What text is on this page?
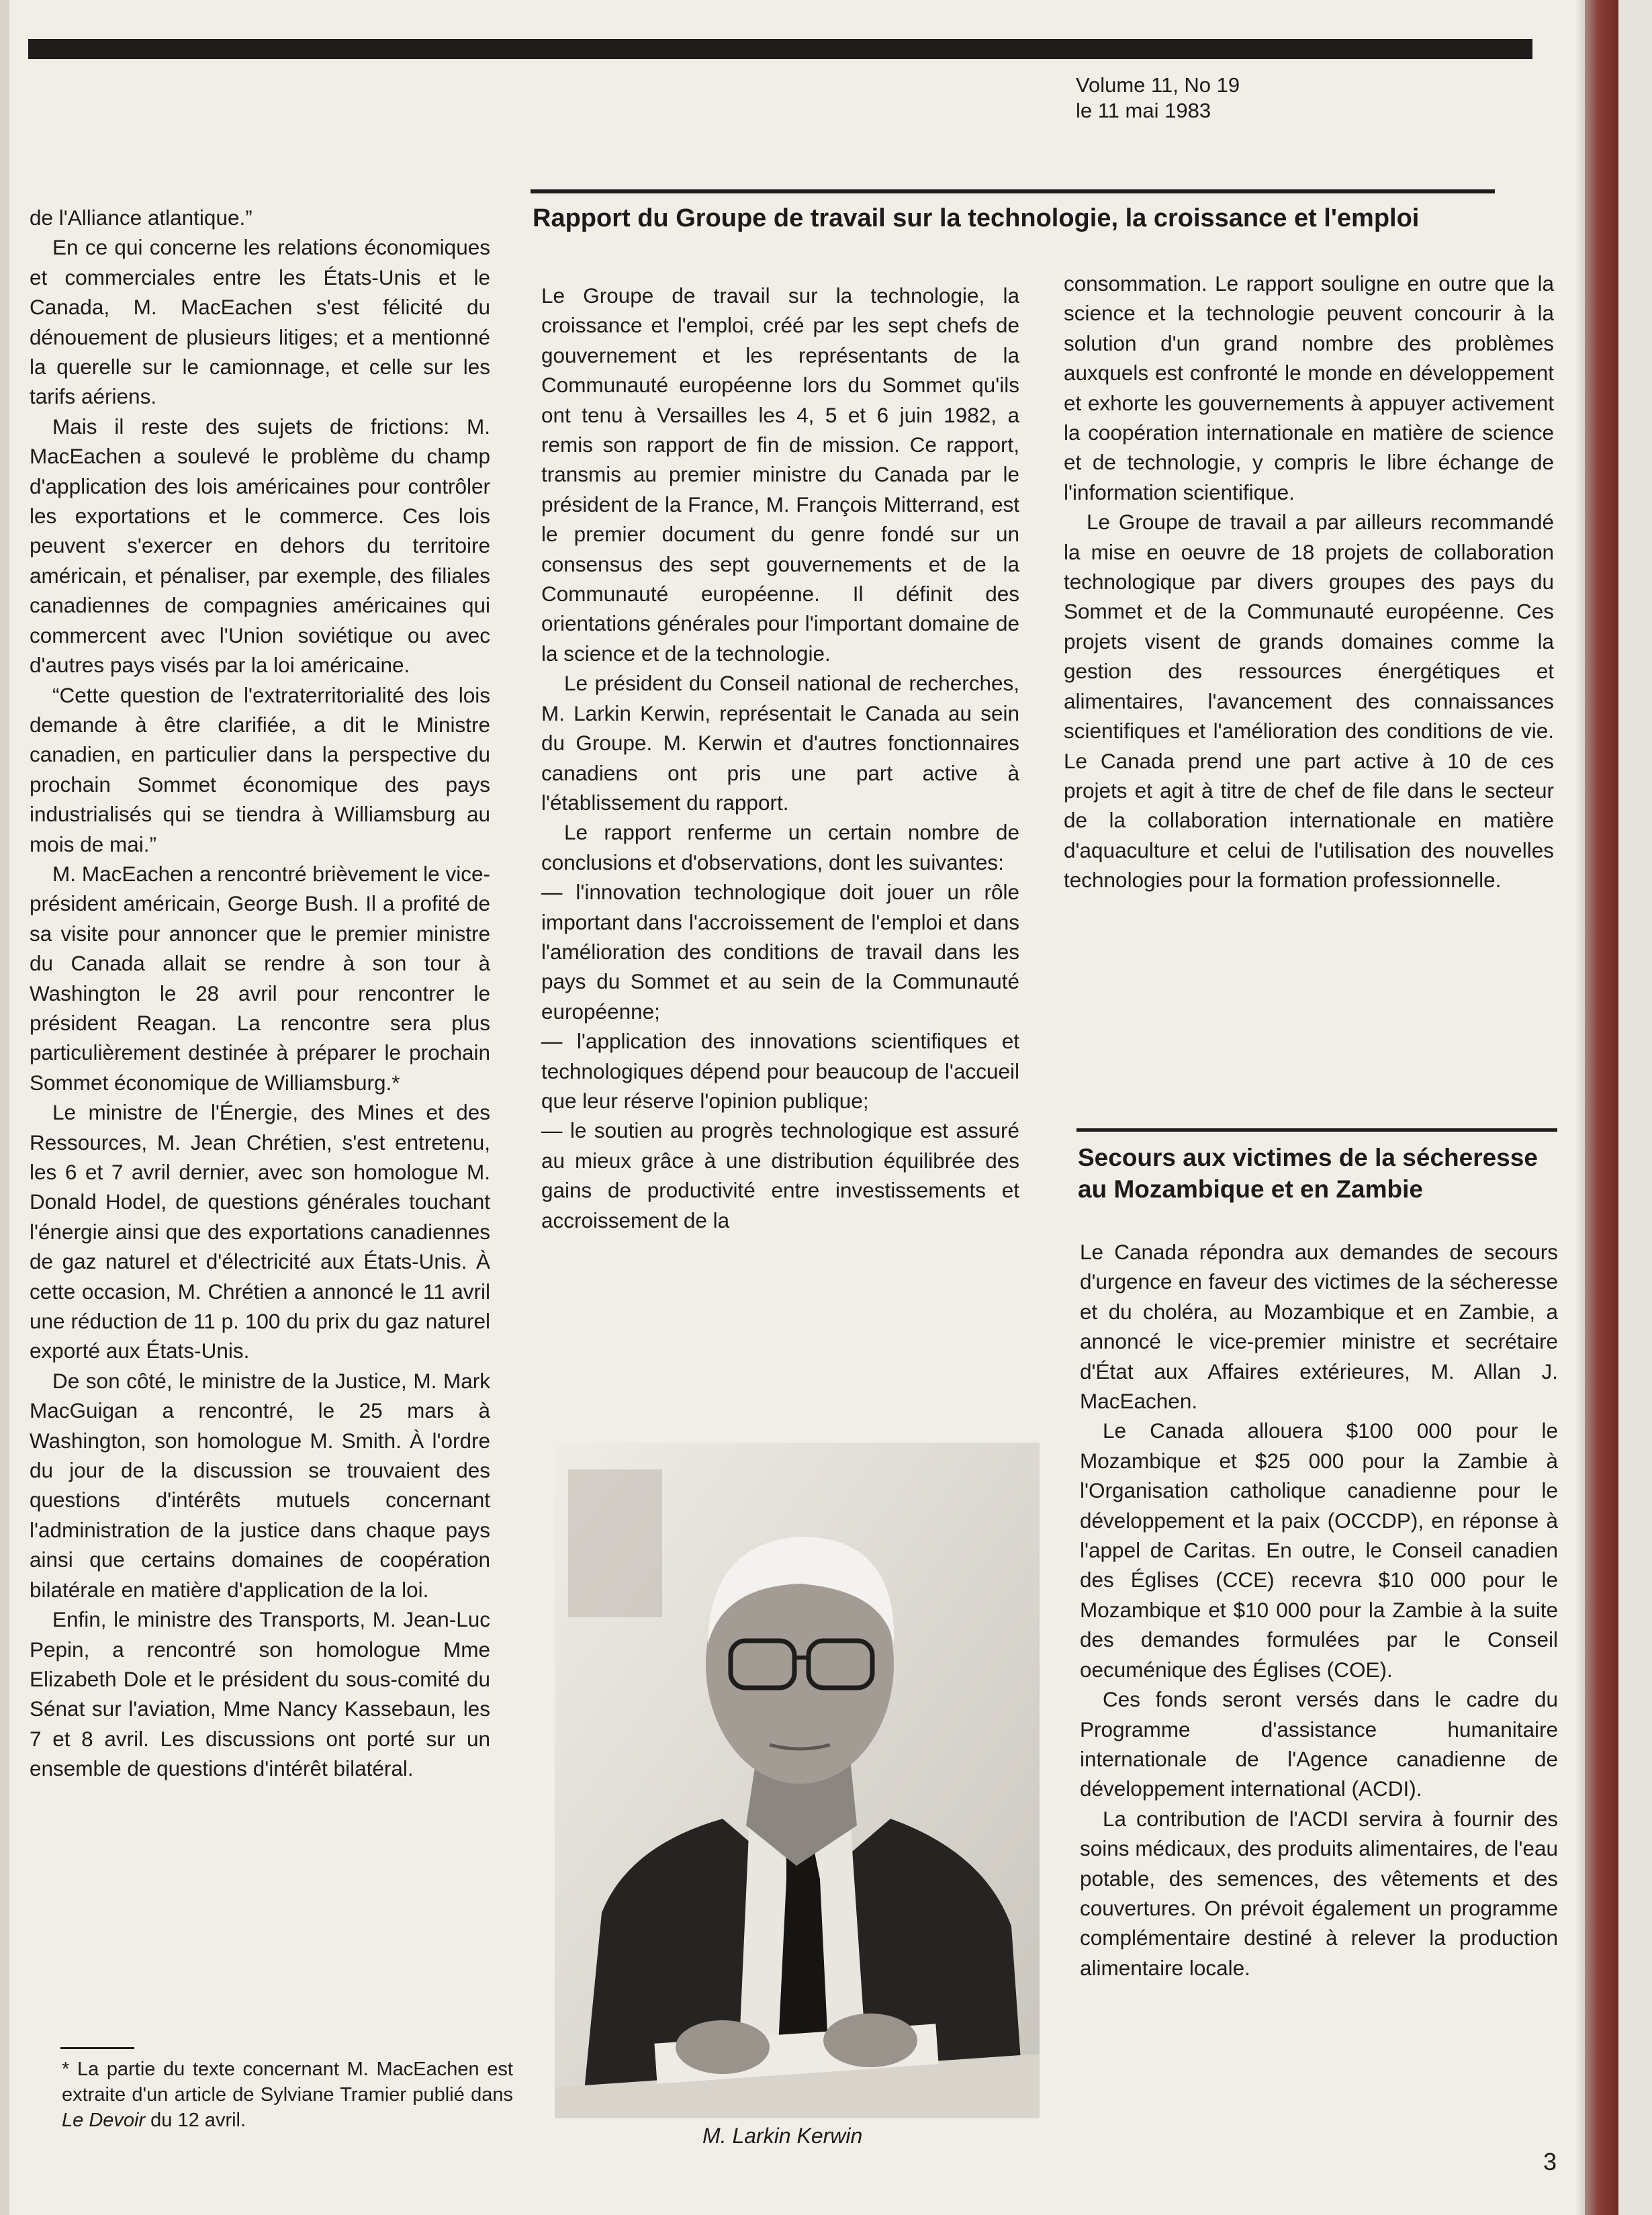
Volume 11, No 19
le 11 mai 1983

de l'Alliance atlantique.”

En ce qui concerne les relations économiques et commerciales entre les États-Unis et le Canada, M. MacEachen s'est félicité du dénouement de plusieurs litiges; et a mentionné la querelle sur le camionnage, et celle sur les tarifs aériens.

Mais il reste des sujets de frictions: M. MacEachen a soulevé le problème du champ d'application des lois américaines pour contrôler les exportations et le commerce. Ces lois peuvent s'exercer en dehors du territoire américain, et pénaliser, par exemple, des filiales canadiennes de compagnies américaines qui commercent avec l'Union soviétique ou avec d'autres pays visés par la loi américaine.

“Cette question de l'extraterritorialité des lois demande à être clarifiée, a dit le Ministre canadien, en particulier dans la perspective du prochain Sommet économique des pays industrialisés qui se tiendra à Williamsburg au mois de mai.”

M. MacEachen a rencontré brièvement le vice-président américain, George Bush. Il a profité de sa visite pour annoncer que le premier ministre du Canada allait se rendre à son tour à Washington le 28 avril pour rencontrer le président Reagan. La rencontre sera plus particulièrement destinée à préparer le prochain Sommet économique de Williamsburg.*

Le ministre de l'Énergie, des Mines et des Ressources, M. Jean Chrétien, s'est entretenu, les 6 et 7 avril dernier, avec son homologue M. Donald Hodel, de questions générales touchant l'énergie ainsi que des exportations canadiennes de gaz naturel et d'électricité aux États-Unis. À cette occasion, M. Chrétien a annoncé le 11 avril une réduction de 11 p. 100 du prix du gaz naturel exporté aux États-Unis.

De son côté, le ministre de la Justice, M. Mark MacGuigan a rencontré, le 25 mars à Washington, son homologue M. Smith. À l'ordre du jour de la discussion se trouvaient des questions d'intérêts mutuels concernant l'administration de la justice dans chaque pays ainsi que certains domaines de coopération bilatérale en matière d'application de la loi.

Enfin, le ministre des Transports, M. Jean-Luc Pepin, a rencontré son homologue Mme Elizabeth Dole et le président du sous-comité du Sénat sur l'aviation, Mme Nancy Kassebaun, les 7 et 8 avril. Les discussions ont porté sur un ensemble de questions d'intérêt bilatéral.

* La partie du texte concernant M. MacEachen est extraite d'un article de Sylviane Tramier publié dans Le Devoir du 12 avril.
Rapport du Groupe de travail sur la technologie, la croissance et l'emploi

Le Groupe de travail sur la technologie, la croissance et l'emploi, créé par les sept chefs de gouvernement et les représentants de la Communauté européenne lors du Sommet qu'ils ont tenu à Versailles les 4, 5 et 6 juin 1982, a remis son rapport de fin de mission. Ce rapport, transmis au premier ministre du Canada par le président de la France, M. François Mitterrand, est le premier document du genre fondé sur un consensus des sept gouvernements et de la Communauté européenne. Il définit des orientations générales pour l'important domaine de la science et de la technologie.

Le président du Conseil national de recherches, M. Larkin Kerwin, représentait le Canada au sein du Groupe. M. Kerwin et d'autres fonctionnaires canadiens ont pris une part active à l'établissement du rapport.

Le rapport renferme un certain nombre de conclusions et d'observations, dont les suivantes:

— l'innovation technologique doit jouer un rôle important dans l'accroissement de l'emploi et dans l'amélioration des conditions de travail dans les pays du Sommet et au sein de la Communauté européenne;

— l'application des innovations scientifiques et technologiques dépend pour beaucoup de l'accueil que leur réserve l'opinion publique;

— le soutien au progrès technologique est assuré au mieux grâce à une distribution équilibrée des gains de productivité entre investissements et accroissement de la

consommation. Le rapport souligne en outre que la science et la technologie peuvent concourir à la solution d'un grand nombre des problèmes auxquels est confronté le monde en développement et exhorte les gouvernements à appuyer activement la coopération internationale en matière de science et de technologie, y compris le libre échange de l'information scientifique.

Le Groupe de travail a par ailleurs recommandé la mise en oeuvre de 18 projets de collaboration technologique par divers groupes des pays du Sommet et de la Communauté européenne. Ces projets visent de grands domaines comme la gestion des ressources énergétiques et alimentaires, l'avancement des connaissances scientifiques et l'amélioration des conditions de vie. Le Canada prend une part active à 10 de ces projets et agit à titre de chef de file dans le secteur de la collaboration internationale en matière d'aquaculture et celui de l'utilisation des nouvelles technologies pour la formation professionnelle.

M. Larkin Kerwin
Secours aux victimes de la sécheresse au Mozambique et en Zambie

Le Canada répondra aux demandes de secours d'urgence en faveur des victimes de la sécheresse et du choléra, au Mozambique et en Zambie, a annoncé le vice-premier ministre et secrétaire d'État aux Affaires extérieures, M. Allan J. MacEachen.

Le Canada allouera $100 000 pour le Mozambique et $25 000 pour la Zambie à l'Organisation catholique canadienne pour le développement et la paix (OCCDP), en réponse à l'appel de Caritas. En outre, le Conseil canadien des Églises (CCE) recevra $10 000 pour le Mozambique et $10 000 pour la Zambie à la suite des demandes formulées par le Conseil oecuménique des Églises (COE).

Ces fonds seront versés dans le cadre du Programme d'assistance humanitaire internationale de l'Agence canadienne de développement international (ACDI).

La contribution de l'ACDI servira à fournir des soins médicaux, des produits alimentaires, de l'eau potable, des semences, des vêtements et des couvertures. On prévoit également un programme complémentaire destiné à relever la production alimentaire locale.

3
